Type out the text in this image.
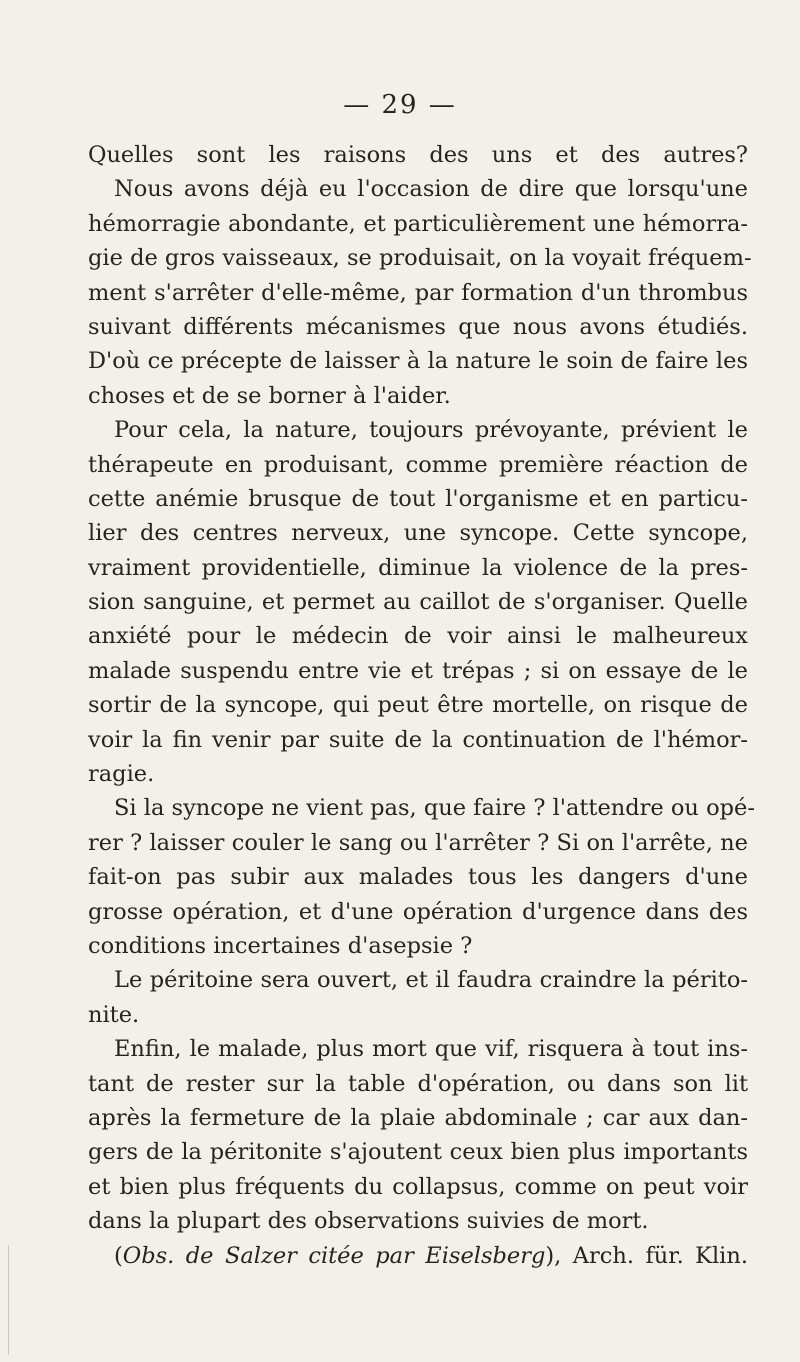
— 29 —
Quelles sont les raisons des uns et des autres?
Nous avons déjà eu l'occasion de dire que lorsqu'une
hémorragie abondante, et particulièrement une hémorra-
gie de gros vaisseaux, se produisait, on la voyait fréquem-
ment s'arrêter d'elle-même, par formation d'un thrombus
suivant différents mécanismes que nous avons étudiés.
D'où ce précepte de laisser à la nature le soin de faire les
choses et de se borner à l'aider.
Pour cela, la nature, toujours prévoyante, prévient le
thérapeute en produisant, comme première réaction de
cette anémie brusque de tout l'organisme et en particu-
lier des centres nerveux, une syncope. Cette syncope,
vraiment providentielle, diminue la violence de la pres-
sion sanguine, et permet au caillot de s'organiser. Quelle
anxiété pour le médecin de voir ainsi le malheureux
malade suspendu entre vie et trépas ; si on essaye de le
sortir de la syncope, qui peut être mortelle, on risque de
voir la fin venir par suite de la continuation de l'hémor-
ragie.
Si la syncope ne vient pas, que faire ? l'attendre ou opé-
rer ? laisser couler le sang ou l'arrêter ? Si on l'arrête, ne
fait-on pas subir aux malades tous les dangers d'une
grosse opération, et d'une opération d'urgence dans des
conditions incertaines d'asepsie ?
Le péritoine sera ouvert, et il faudra craindre la périto-
nite.
Enfin, le malade, plus mort que vif, risquera à tout ins-
tant de rester sur la table d'opération, ou dans son lit
après la fermeture de la plaie abdominale ; car aux dan-
gers de la péritonite s'ajoutent ceux bien plus importants
et bien plus fréquents du collapsus, comme on peut voir
dans la plupart des observations suivies de mort.
(Obs. de Salzer citée par Eiselsberg), Arch. für. Klin.
